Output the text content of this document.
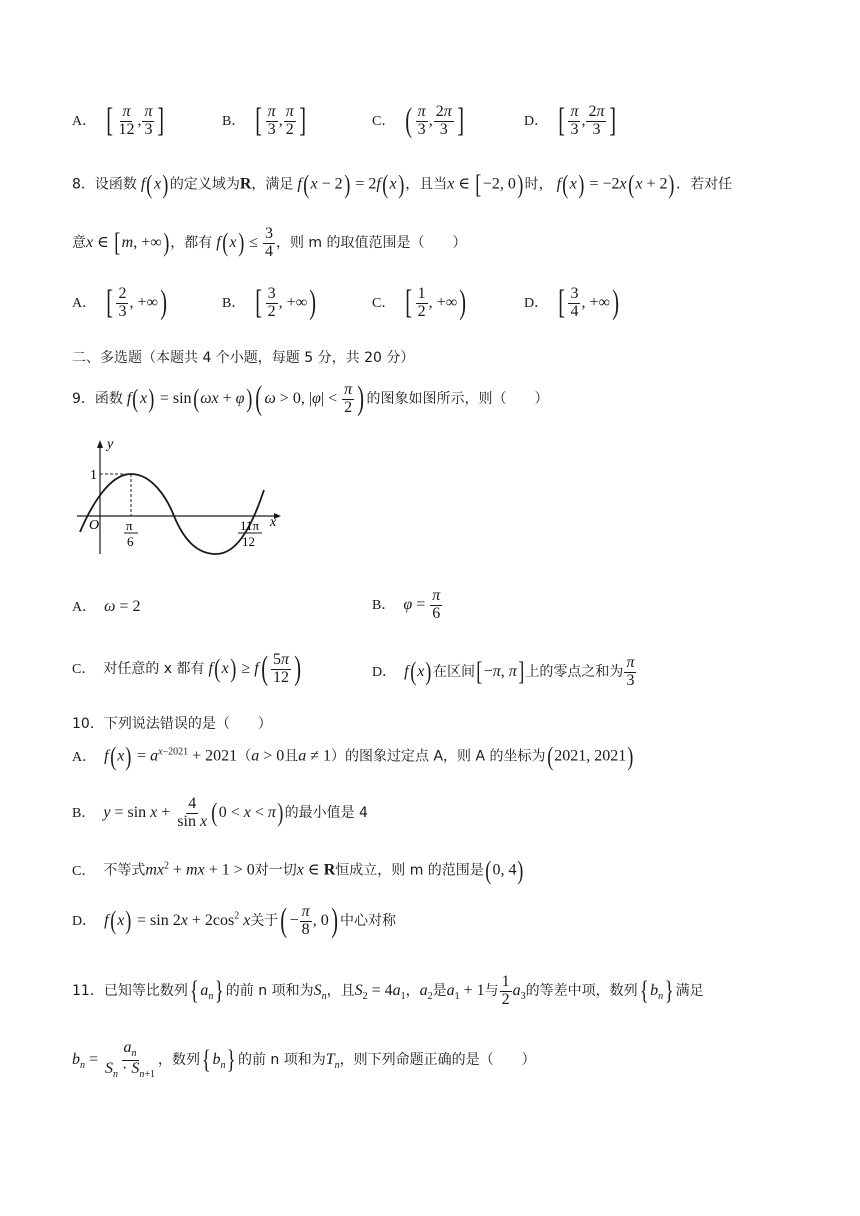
A． [ $\frac{\pi}{12}$ , $\frac{\pi}{3}$ ]	B． [ $\frac{\pi}{3}$ , $\frac{\pi}{2}$ ]	C． ( $\frac{\pi}{3}$ , $\frac{2\pi}{3}$ ]	D． [ $\frac{\pi}{3}$ , $\frac{2\pi}{3}$ ]
8．设函数 f(x)的定义域为R，满足 f(x − 2) = 2f(x)，且当x ∈ [−2, 0)时， f(x) = −2x(x + 2)．若对任
意x ∈ [m, +∞)，都有 $f(x) \le \frac{3}{4}$ ，则 m 的取值范围是（　　）
A． [ $\frac{2}{3}$ , +∞)	B． [ $\frac{3}{2}$ , +∞)	C． [ $\frac{1}{2}$ , +∞)	D． [ $\frac{3}{4}$ , +∞)
二、多选题（本题共 4 个小题，每题 5 分，共 20 分）
9．函数 f(x) = sin(ωx + φ) ( ω > 0, $|\varphi| < \frac{\pi}{2}$ ) 的图象如图所示，则（　　）
y
x
O
1
π
6
11π
12
A． ω = 2	B． $\varphi = \frac{\pi}{6}$
C． 对任意的 x 都有 $f(x) \ge f( \frac{5\pi}{12}$ )	D． f(x)在区间[−π, π]上的零点之和为 $\frac{\pi}{3}$
10．下列说法错误的是（　　）
A． $f(x) = a^{x-2021} + 2021(a > 0$且a ≠ 1）的图象过定点 A，则 A 的坐标为(2021, 2021)
B． $y = \sin x + \frac{4}{\text{sin x}} (0 < x < \pi)$的最小值是 4
C． 不等式$mx^2$ + mx + 1 > 0对一切x ∈ R恒成立，则 m 的范围是(0, 4)
D． $f(x) = \sin 2x + 2\cos^2$ x关于( − $\frac{\pi}{8}$ , 0) 中心对称
11．已知等比数列{ $a_n$} 的前 n 项和为$S_n$，且$S_2 = 4a_1$，$a_2$是$a_1 + 1$与 $\frac{1}{2} a_3$的等差中项，数列{ $b_n$} 满足
$b_n = \frac{a_n}{S_n \cdot S_{n+1}}$ ，数列{ $b_n$} 的前 n 项和为$T_n$，则下列命题正确的是（　　）
